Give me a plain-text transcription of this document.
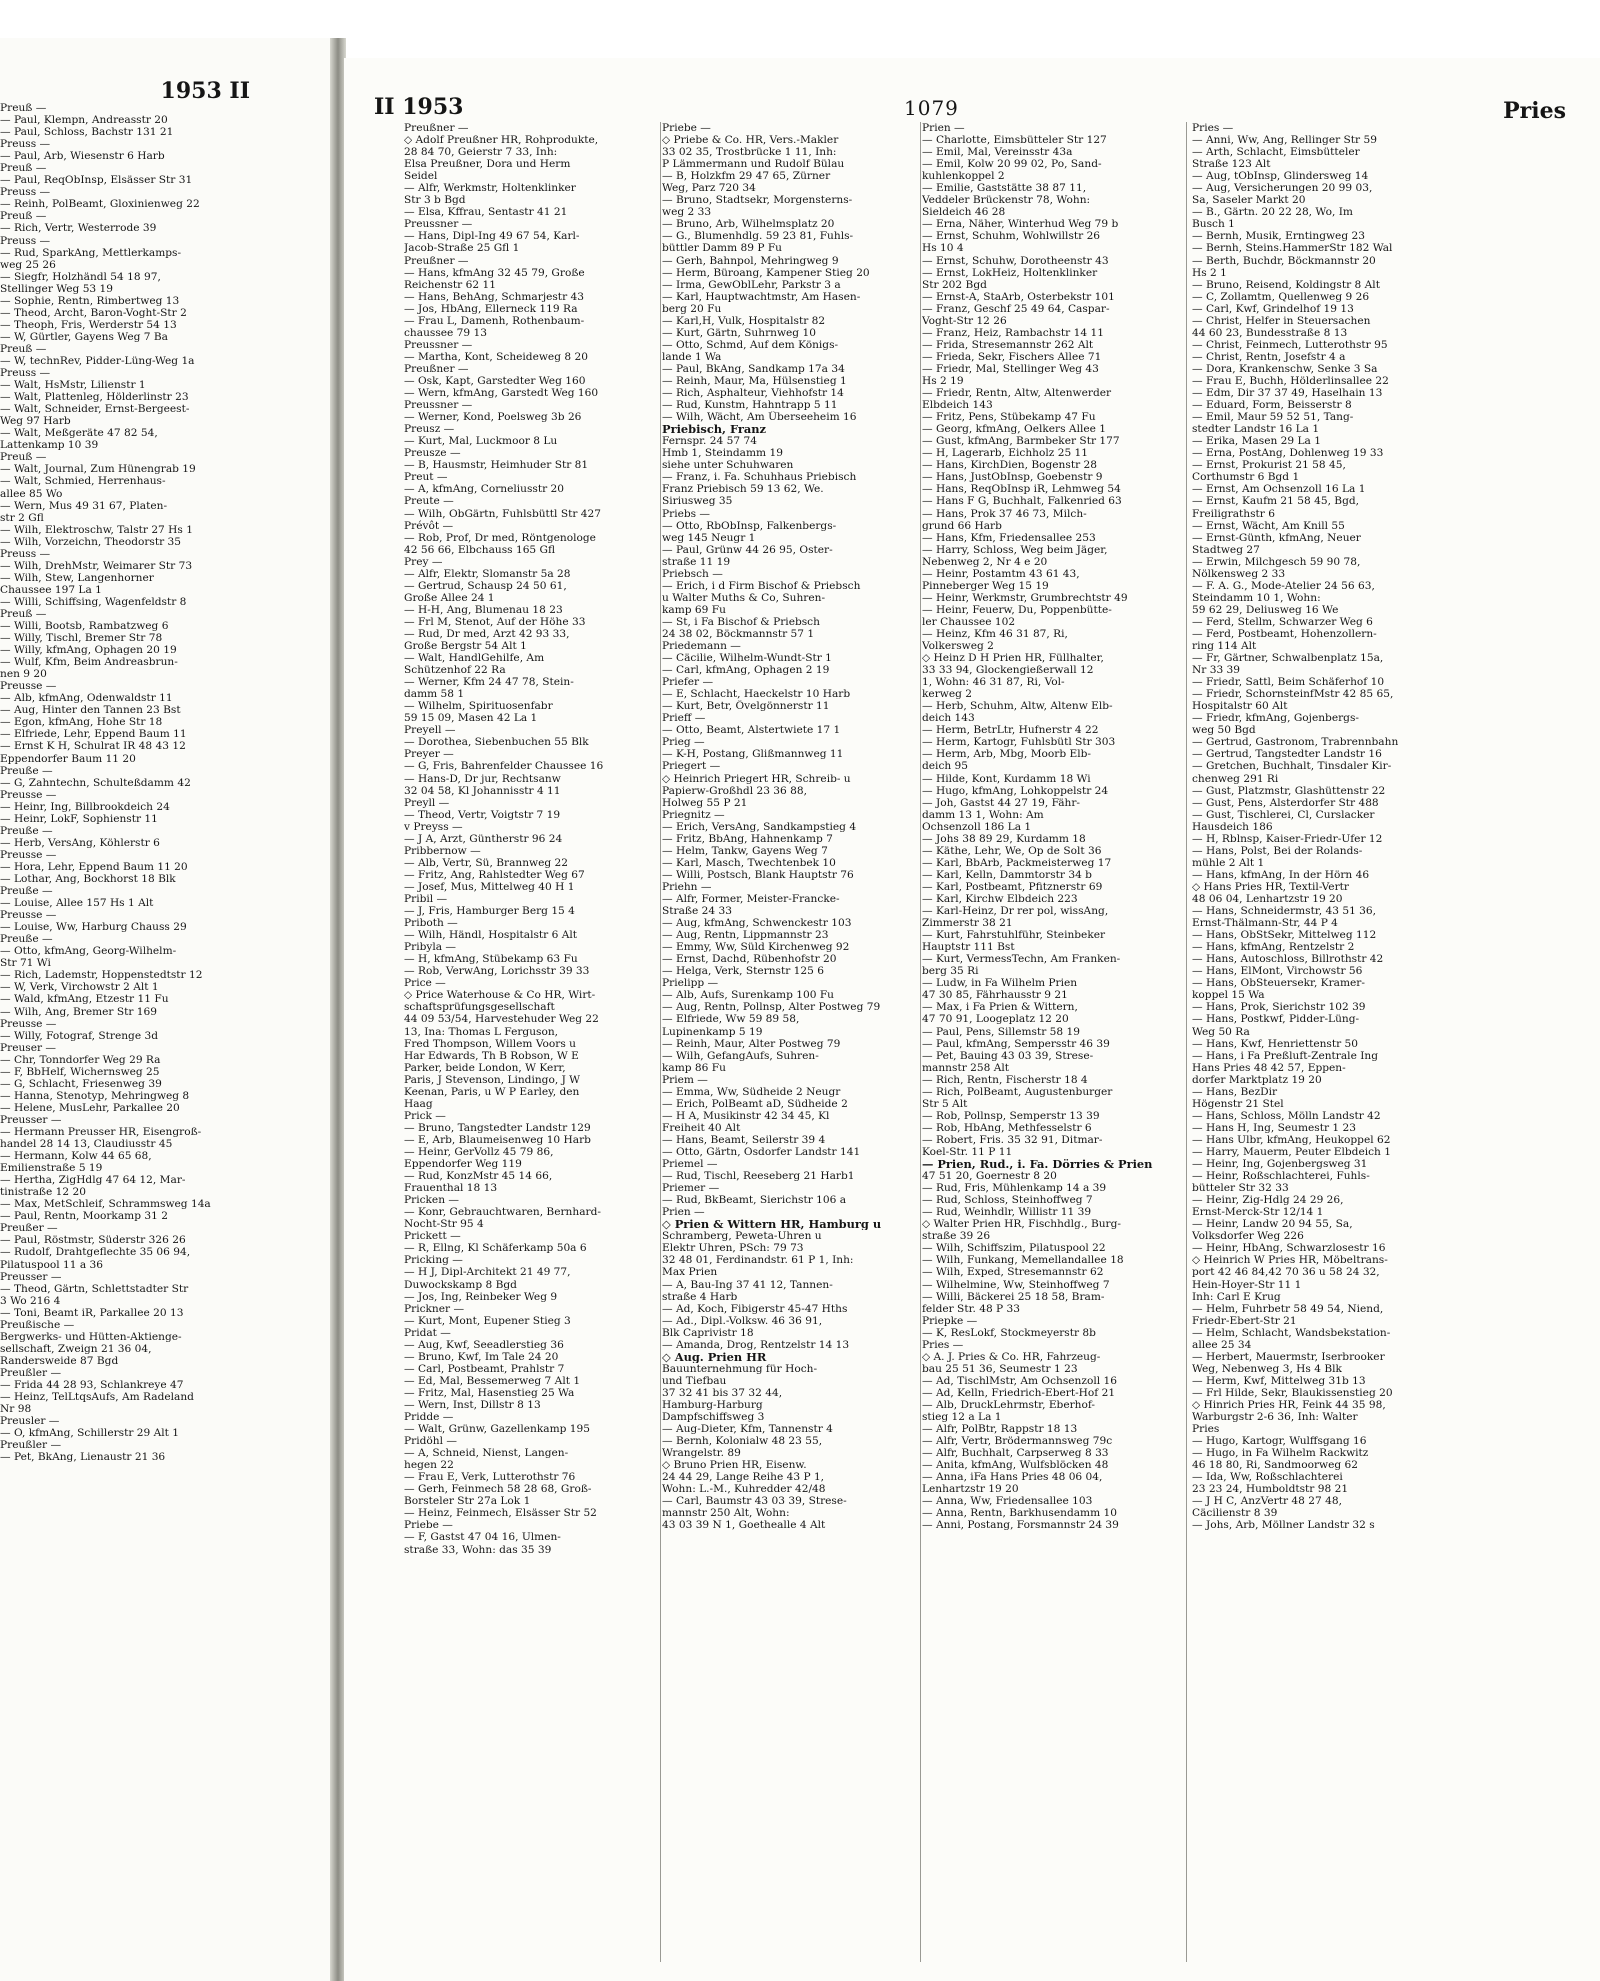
1953 II
Preuß —
— Paul, Klempn, Andreasstr 20
— Paul, Schloss, Bachstr 131 21
Preuss —
— Paul, Arb, Wiesenstr 6 Harb
Preuß —
— Paul, ReqObInsp, Elsässer Str 31
Preuss —
— Reinh, PolBeamt, Gloxinienweg 22
Preuß —
— Rich, Vertr, Westerrode 39
Preuss —
— Rud, SparkAng, Mettlerkamps-
weg 25 26
— Siegfr, Holzhändl 54 18 97,
Stellinger Weg 53 19
— Sophie, Rentn, Rimbertweg 13
— Theod, Archt, Baron-Voght-Str 2
— Theoph, Fris, Werderstr 54 13
— W, Gürtler, Gayens Weg 7 Ba
Preuß —
— W, technRev, Pidder-Lüng-Weg 1a
Preuss —
— Walt, HsMstr, Lilienstr 1
— Walt, Plattenleg, Hölderlinstr 23
— Walt, Schneider, Ernst-Bergeest-
Weg 97 Harb
— Walt, Meßgeräte 47 82 54,
Lattenkamp 10 39
Preuß —
— Walt, Journal, Zum Hünengrab 19
— Walt, Schmied, Herrenhaus-
allee 85 Wo
— Wern, Mus 49 31 67, Platen-
str 2 Gfl
— Wilh, Elektroschw, Talstr 27 Hs 1
— Wilh, Vorzeichn, Theodorstr 35
Preuss —
— Wilh, DrehMstr, Weimarer Str 73
— Wilh, Stew, Langenhorner
Chaussee 197 La 1
— Willi, Schiffsing, Wagenfeldstr 8
Preuß —
— Willi, Bootsb, Rambatzweg 6
— Willy, Tischl, Bremer Str 78
— Willy, kfmAng, Ophagen 20 19
— Wulf, Kfm, Beim Andreasbrun-
nen 9 20
Preusse —
— Alb, kfmAng, Odenwaldstr 11
— Aug, Hinter den Tannen 23 Bst
— Egon, kfmAng, Hohe Str 18
— Elfriede, Lehr, Eppend Baum 11
— Ernst K H, Schulrat IR 48 43 12
Eppendorfer Baum 11 20
Preuße —
— G, Zahntechn, Schulteßdamm 42
Preusse —
— Heinr, Ing, Billbrookdeich 24
— Heinr, LokF, Sophienstr 11
Preuße —
— Herb, VersAng, Köhlerstr 6
Preusse —
— Hora, Lehr, Eppend Baum 11 20
— Lothar, Ang, Bockhorst 18 Blk
Preuße —
— Louise, Allee 157 Hs 1 Alt
Preusse —
— Louise, Ww, Harburg Chauss 29
Preuße —
— Otto, kfmAng, Georg-Wilhelm-
Str 71 Wi
— Rich, Lademstr, Hoppenstedtstr 12
— W, Verk, Virchowstr 2 Alt 1
— Wald, kfmAng, Etzestr 11 Fu
— Wilh, Ang, Bremer Str 169
Preusse —
— Willy, Fotograf, Strenge 3d
Preuser —
— Chr, Tonndorfer Weg 29 Ra
— F, BbHelf, Wichernsweg 25
— G, Schlacht, Friesenweg 39
— Hanna, Stenotyp, Mehringweg 8
— Helene, MusLehr, Parkallee 20
Preusser —
— Hermann Preusser HR, Eisengroß-
handel 28 14 13, Claudiusstr 45
— Hermann, Kolw 44 65 68,
Emilienstraße 5 19
— Hertha, ZigHdlg 47 64 12, Mar-
tinistraße 12 20
— Max, MetSchleif, Schrammsweg 14a
— Paul, Rentn, Moorkamp 31 2
Preußer —
— Paul, Röstmstr, Süderstr 326 26
— Rudolf, Drahtgeflechte 35 06 94,
Pilatuspool 11 a 36
Preusser —
— Theod, Gärtn, Schlettstadter Str
3 Wo 216 4
— Toni, Beamt iR, Parkallee 20 13
Preußische —
Bergwerks- und Hütten-Aktienge-
sellschaft, Zweign 21 36 04,
Randersweide 87 Bgd
Preußler —
— Frida 44 28 93, Schlankreye 47
— Heinz, TelLtqsAufs, Am Radeland
Nr 98
Preusler —
— O, kfmAng, Schillerstr 29 Alt 1
Preußler —
— Pet, BkAng, Lienaustr 21 36
II 1953	1079	Pries
Preußner —
◇ Adolf Preußner HR, Rohprodukte,
28 84 70, Geierstr 7 33, Inh:
Elsa Preußner, Dora und Herm
Seidel
— Alfr, Werkmstr, Holtenklinker
Str 3 b Bgd
— Elsa, Kffrau, Sentastr 41 21
Preussner —
— Hans, Dipl-Ing 49 67 54, Karl-
Jacob-Straße 25 Gfl 1
Preußner —
— Hans, kfmAng 32 45 79, Große
Reichenstr 62 11
— Hans, BehAng, Schmarjestr 43
— Jos, HbAng, Ellerneck 119 Ra
— Frau L, Damenh, Rothenbaum-
chaussee 79 13
Preussner —
— Martha, Kont, Scheideweg 8 20
Preußner —
— Osk, Kapt, Garstedter Weg 160
— Wern, kfmAng, Garstedt Weg 160
Preussner —
— Werner, Kond, Poelsweg 3b 26
Preusz —
— Kurt, Mal, Luckmoor 8 Lu
Preusze —
— B, Hausmstr, Heimhuder Str 81
Preut —
— A, kfmAng, Corneliusstr 20
Preute —
— Wilh, ObGärtn, Fuhlsbüttl Str 427
Prévôt —
— Rob, Prof, Dr med, Röntgenologe
42 56 66, Elbchauss 165 Gfl
Prey —
— Alfr, Elektr, Slomanstr 5a 28
— Gertrud, Schausp 24 50 61,
Große Allee 24 1
— H-H, Ang, Blumenau 18 23
— Frl M, Stenot, Auf der Höhe 33
— Rud, Dr med, Arzt 42 93 33,
Große Bergstr 54 Alt 1
— Walt, HandlGehilfe, Am
Schützenhof 22 Ra
— Werner, Kfm 24 47 78, Stein-
damm 58 1
— Wilhelm, Spirituosenfabr
59 15 09, Masen 42 La 1
Preyell —
— Dorothea, Siebenbuchen 55 Blk
Preyer —
— G, Fris, Bahrenfelder Chaussee 16
— Hans-D, Dr jur, Rechtsanw
32 04 58, Kl Johannisstr 4 11
Preyll —
— Theod, Vertr, Voigtstr 7 19
v Preyss —
— J A, Arzt, Güntherstr 96 24
Pribbernow —
— Alb, Vertr, Sü, Brannweg 22
— Fritz, Ang, Rahlstedter Weg 67
— Josef, Mus, Mittelweg 40 H 1
Pribil —
— J, Fris, Hamburger Berg 15 4
Priboth —
— Wilh, Händl, Hospitalstr 6 Alt
Pribyla —
— H, kfmAng, Stübekamp 63 Fu
— Rob, VerwAng, Lorichsstr 39 33
Price —
◇ Price Waterhouse & Co HR, Wirt-
schaftsprüfungsgesellschaft
44 09 53/54, Harvestehuder Weg 22
13, Ina: Thomas L Ferguson,
Fred Thompson, Willem Voors u
Har Edwards, Th B Robson, W E
Parker, beide London, W Kerr,
Paris, J Stevenson, Lindingo, J W
Keenan, Paris, u W P Earley, den
Haag
Prick —
— Bruno, Tangstedter Landstr 129
— E, Arb, Blaumeisenweg 10 Harb
— Heinr, GerVollz 45 79 86,
Eppendorfer Weg 119
— Rud, KonzMstr 45 14 66,
Frauenthal 18 13
Pricken —
— Konr, Gebrauchtwaren, Bernhard-
Nocht-Str 95 4
Prickett —
— R, Ellng, Kl Schäferkamp 50a 6
Pricking —
— H J, Dipl-Architekt 21 49 77,
Duwockskamp 8 Bgd
— Jos, Ing, Reinbeker Weg 9
Prickner —
— Kurt, Mont, Eupener Stieg 3
Pridat —
— Aug, Kwf, Seeadlerstieg 36
— Bruno, Kwf, Im Tale 24 20
— Carl, Postbeamt, Prahlstr 7
— Ed, Mal, Bessemerweg 7 Alt 1
— Fritz, Mal, Hasenstieg 25 Wa
— Wern, Inst, Dillstr 8 13
Pridde —
— Walt, Grünw, Gazellenkamp 195
Pridöhl —
— A, Schneid, Nienst, Langen-
hegen 22
— Frau E, Verk, Lutterothstr 76
— Gerh, Feinmech 58 28 68, Groß-
Borsteler Str 27a Lok 1
— Heinz, Feinmech, Elsässer Str 52
Priebe —
— F, Gastst 47 04 16, Ulmen-
straße 33, Wohn: das 35 39
Priebe —
◇ Priebe & Co. HR, Vers.-Makler
33 02 35, Trostbrücke 1 11, Inh:
P Lämmermann und Rudolf Bülau
— B, Holzkfm 29 47 65, Zürner
Weg, Parz 720 34
— Bruno, Stadtsekr, Morgensterns-
weg 2 33
— Bruno, Arb, Wilhelmsplatz 20
— G., Blumenhdlg. 59 23 81, Fuhls-
büttler Damm 89 P Fu
— Gerh, Bahnpol, Mehringweg 9
— Herm, Büroang, Kampener Stieg 20
— Irma, GewOblLehr, Parkstr 3 a
— Karl, Hauptwachtmstr, Am Hasen-
berg 20 Fu
— Karl,H, Vulk, Hospitalstr 82
— Kurt, Gärtn, Suhrnweg 10
— Otto, Schmd, Auf dem Königs-
lande 1 Wa
— Paul, BkAng, Sandkamp 17a 34
— Reinh, Maur, Ma, Hülsenstieg 1
— Rich, Asphalteur, Viehhofstr 14
— Rud, Kunstm, Hahntrapp 5 11
— Wilh, Wächt, Am Überseeheim 16
Priebisch, Franz
Fernspr. 24 57 74
Hmb 1, Steindamm 19
siehe unter Schuhwaren
— Franz, i. Fa. Schuhhaus Priebisch
Franz Priebisch 59 13 62, We.
Siriusweg 35
Priebs —
— Otto, RbObInsp, Falkenbergs-
weg 145 Neugr 1
— Paul, Grünw 44 26 95, Oster-
straße 11 19
Priebsch —
— Erich, i d Firm Bischof & Priebsch
u Walter Muths & Co, Suhren-
kamp 69 Fu
— St, i Fa Bischof & Priebsch
24 38 02, Böckmannstr 57 1
Priedemann —
— Cäcilie, Wilhelm-Wundt-Str 1
— Carl, kfmAng, Ophagen 2 19
Priefer —
— E, Schlacht, Haeckelstr 10 Harb
— Kurt, Betr, Övelgönnerstr 11
Prieff —
— Otto, Beamt, Alstertwiete 17 1
Prieg —
— K-H, Postang, Glißmannweg 11
Priegert —
◇ Heinrich Priegert HR, Schreib- u
Papierw-Großhdl 23 36 88,
Holweg 55 P 21
Priegnitz —
— Erich, VersAng, Sandkampstieg 4
— Fritz, BbAng, Hahnenkamp 7
— Helm, Tankw, Gayens Weg 7
— Karl, Masch, Twechtenbek 10
— Willi, Postsch, Blank Hauptstr 76
Priehn —
— Alfr, Former, Meister-Francke-
Straße 24 33
— Aug, kfmAng, Schwenckestr 103
— Aug, Rentn, Lippmannstr 23
— Emmy, Ww, Süld Kirchenweg 92
— Ernst, Dachd, Rübenhofstr 20
— Helga, Verk, Sternstr 125 6
Prielipp —
— Alb, Aufs, Surenkamp 100 Fu
— Aug, Rentn, Pollnsp, Alter Postweg 79
— Elfriede, Ww 59 89 58,
Lupinenkamp 5 19
— Reinh, Maur, Alter Postweg 79
— Wilh, GefangAufs, Suhren-
kamp 86 Fu
Priem —
— Emma, Ww, Südheide 2 Neugr
— Erich, PolBeamt aD, Südheide 2
— H A, Musikinstr 42 34 45, Kl
Freiheit 40 Alt
— Hans, Beamt, Seilerstr 39 4
— Otto, Gärtn, Osdorfer Landstr 141
Priemel —
— Rud, Tischl, Reeseberg 21 Harb1
Priemer —
— Rud, BkBeamt, Sierichstr 106 a
Prien —
◇ Prien & Wittern HR, Hamburg u
Schramberg, Peweta-Uhren u
Elektr Uhren, PSch: 79 73
32 48 01, Ferdinandstr. 61 P 1, Inh:
Max Prien
— A, Bau-Ing 37 41 12, Tannen-
straße 4 Harb
— Ad, Koch, Fibigerstr 45-47 Hths
— Ad., Dipl.-Volksw. 46 36 91,
Blk Caprivistr 18
— Amanda, Drog, Rentzelstr 14 13
◇ Aug. Prien HR
Bauunternehmung für Hoch-
und Tiefbau
37 32 41 bis 37 32 44,
Hamburg-Harburg
Dampfschiffsweg 3
— Aug-Dieter, Kfm, Tannenstr 4
— Bernh, Kolonialw 48 23 55,
Wrangelstr. 89
◇ Bruno Prien HR, Eisenw.
24 44 29, Lange Reihe 43 P 1,
Wohn: L.-M., Kuhredder 42/48
— Carl, Baumstr 43 03 39, Strese-
mannstr 250 Alt, Wohn:
43 03 39 N 1, Goethealle 4 Alt
Prien —
— Charlotte, Eimsbütteler Str 127
— Emil, Mal, Vereinsstr 43a
— Emil, Kolw 20 99 02, Po, Sand-
kuhlenkoppel 2
— Emilie, Gaststätte 38 87 11,
Veddeler Brückenstr 78, Wohn:
Sieldeich 46 28
— Erna, Näher, Winterhud Weg 79 b
— Ernst, Schuhm, Wohlwillstr 26
Hs 10 4
— Ernst, Schuhw, Dorotheenstr 43
— Ernst, LokHeiz, Holtenklinker
Str 202 Bgd
— Ernst-A, StaArb, Osterbekstr 101
— Franz, Geschf 25 49 64, Caspar-
Voght-Str 12 26
— Franz, Heiz, Rambachstr 14 11
— Frida, Stresemannstr 262 Alt
— Frieda, Sekr, Fischers Allee 71
— Friedr, Mal, Stellinger Weg 43
Hs 2 19
— Friedr, Rentn, Altw, Altenwerder
Elbdeich 143
— Fritz, Pens, Stübekamp 47 Fu
— Georg, kfmAng, Oelkers Allee 1
— Gust, kfmAng, Barmbeker Str 177
— H, Lagerarb, Eichholz 25 11
— Hans, KirchDien, Bogenstr 28
— Hans, JustObInsp, Goebenstr 9
— Hans, ReqObInsp iR, Lehmweg 54
— Hans F G, Buchhalt, Falkenried 63
— Hans, Prok 37 46 73, Milch-
grund 66 Harb
— Hans, Kfm, Friedensallee 253
— Harry, Schloss, Weg beim Jäger,
Nebenweg 2, Nr 4 e 20
— Heinr, Postamtm 43 61 43,
Pinneberger Weg 15 19
— Heinr, Werkmstr, Grumbrechtstr 49
— Heinr, Feuerw, Du, Poppenbütte-
ler Chaussee 102
— Heinz, Kfm 46 31 87, Ri,
Volkersweg 2
◇ Heinz D H Prien HR, Füllhalter,
33 33 94, Glockengießerwall 12
1, Wohn: 46 31 87, Ri, Vol-
kerweg 2
— Herb, Schuhm, Altw, Altenw Elb-
deich 143
— Herm, BetrLtr, Hufnerstr 4 22
— Herm, Kartogr, Fuhlsbütl Str 303
— Herm, Arb, Mbg, Moorb Elb-
deich 95
— Hilde, Kont, Kurdamm 18 Wi
— Hugo, kfmAng, Lohkoppelstr 24
— Joh, Gastst 44 27 19, Fähr-
damm 13 1, Wohn: Am
Ochsenzoll 186 La 1
— Johs 38 89 29, Kurdamm 18
— Käthe, Lehr, We, Op de Solt 36
— Karl, BbArb, Packmeisterweg 17
— Karl, Kelln, Dammtorstr 34 b
— Karl, Postbeamt, Pfitznerstr 69
— Karl, Kirchw Elbdeich 223
— Karl-Heinz, Dr rer pol, wissAng,
Zimmerstr 38 21
— Kurt, Fahrstuhlführ, Steinbeker
Hauptstr 111 Bst
— Kurt, VermessTechn, Am Franken-
berg 35 Ri
— Ludw, in Fa Wilhelm Prien
47 30 85, Fährhausstr 9 21
— Max, i Fa Prien & Wittern,
47 70 91, Loogeplatz 12 20
— Paul, Pens, Sillemstr 58 19
— Paul, kfmAng, Sempersstr 46 39
— Pet, Bauing 43 03 39, Strese-
mannstr 258 Alt
— Rich, Rentn, Fischerstr 18 4
— Rich, PolBeamt, Augustenburger
Str 5 Alt
— Rob, Pollnsp, Semperstr 13 39
— Rob, HbAng, Methfesselstr 6
— Robert, Fris. 35 32 91, Ditmar-
Koel-Str. 11 P 11
— Prien, Rud., i. Fa. Dörries & Prien
47 51 20, Goernestr 8 20
— Rud, Fris, Mühlenkamp 14 a 39
— Rud, Schloss, Steinhoffweg 7
— Rud, Weinhdlr, Willistr 11 39
◇ Walter Prien HR, Fischhdlg., Burg-
straße 39 26
— Wilh, Schiffszim, Pilatuspool 22
— Wilh, Funkang, Memellandallee 18
— Wilh, Exped, Stresemannstr 62
— Wilhelmine, Ww, Steinhoffweg 7
— Willi, Bäckerei 25 18 58, Bram-
felder Str. 48 P 33
Priepke —
— K, ResLokf, Stockmeyerstr 8b
Pries —
◇ A. J. Pries & Co. HR, Fahrzeug-
bau 25 51 36, Seumestr 1 23
— Ad, TischlMstr, Am Ochsenzoll 16
— Ad, Kelln, Friedrich-Ebert-Hof 21
— Alb, DruckLehrmstr, Eberhof-
stieg 12 a La 1
— Alfr, PolBtr, Rappstr 18 13
— Alfr, Vertr, Brödermannsweg 79c
— Alfr, Buchhalt, Carpserweg 8 33
— Anita, kfmAng, Wulfsblöcken 48
— Anna, iFa Hans Pries 48 06 04,
Lenhartzstr 19 20
— Anna, Ww, Friedensallee 103
— Anna, Rentn, Barkhusendamm 10
— Anni, Postang, Forsmannstr 24 39
Pries —
— Anni, Ww, Ang, Rellinger Str 59
— Arth, Schlacht, Eimsbütteler
Straße 123 Alt
— Aug, tObInsp, Glindersweg 14
— Aug, Versicherungen 20 99 03,
Sa, Saseler Markt 20
— B., Gärtn. 20 22 28, Wo, Im
Busch 1
— Bernh, Musik, Erntingweg 23
— Bernh, Steins.HammerStr 182 Wal
— Berth, Buchdr, Böckmannstr 20
Hs 2 1
— Bruno, Reisend, Koldingstr 8 Alt
— C, Zollamtm, Quellenweg 9 26
— Carl, Kwf, Grindelhof 19 13
— Christ, Helfer in Steuersachen
44 60 23, Bundesstraße 8 13
— Christ, Feinmech, Lutterothstr 95
— Christ, Rentn, Josefstr 4 a
— Dora, Krankenschw, Senke 3 Sa
— Frau E, Buchh, Hölderlinsallee 22
— Edm, Dir 37 37 49, Haselhain 13
— Eduard, Form, Beisserstr 8
— Emil, Maur 59 52 51, Tang-
stedter Landstr 16 La 1
— Erika, Masen 29 La 1
— Erna, PostAng, Dohlenweg 19 33
— Ernst, Prokurist 21 58 45,
Corthumstr 6 Bgd 1
— Ernst, Am Ochsenzoll 16 La 1
— Ernst, Kaufm 21 58 45, Bgd,
Freiligrathstr 6
— Ernst, Wächt, Am Knill 55
— Ernst-Günth, kfmAng, Neuer
Stadtweg 27
— Erwin, Milchgesch 59 90 78,
Nölkensweg 2 33
— F. A. G., Mode-Atelier 24 56 63,
Steindamm 10 1, Wohn:
59 62 29, Deliusweg 16 We
— Ferd, Stellm, Schwarzer Weg 6
— Ferd, Postbeamt, Hohenzollern-
ring 114 Alt
— Fr, Gärtner, Schwalbenplatz 15a,
Nr 33 39
— Friedr, Sattl, Beim Schäferhof 10
— Friedr, SchornsteinfMstr 42 85 65,
Hospitalstr 60 Alt
— Friedr, kfmAng, Gojenbergs-
weg 50 Bgd
— Gertrud, Gastronom, Trabrennbahn
— Gertrud, Tangstedter Landstr 16
— Gretchen, Buchhalt, Tinsdaler Kir-
chenweg 291 Ri
— Gust, Platzmstr, Glashüttenstr 22
— Gust, Pens, Alsterdorfer Str 488
— Gust, Tischlerei, Cl, Curslacker
Hausdeich 186
— H, Rblnsp, Kaiser-Friedr-Ufer 12
— Hans, Polst, Bei der Rolands-
mühle 2 Alt 1
— Hans, kfmAng, In der Hörn 46
◇ Hans Pries HR, Textil-Vertr
48 06 04, Lenhartzstr 19 20
— Hans, Schneidermstr, 43 51 36,
Ernst-Thälmann-Str, 44 P 4
— Hans, ObStSekr, Mittelweg 112
— Hans, kfmAng, Rentzelstr 2
— Hans, Autoschloss, Billrothstr 42
— Hans, ElMont, Virchowstr 56
— Hans, ObSteuersekr, Kramer-
koppel 15 Wa
— Hans, Prok, Sierichstr 102 39
— Hans, Postkwf, Pidder-Lüng-
Weg 50 Ra
— Hans, Kwf, Henriettenstr 50
— Hans, i Fa Preßluft-Zentrale Ing
Hans Pries 48 42 57, Eppen-
dorfer Marktplatz 19 20
— Hans, BezDir
Högenstr 21 Stel
— Hans, Schloss, Mölln Landstr 42
— Hans H, Ing, Seumestr 1 23
— Hans Ulbr, kfmAng, Heukoppel 62
— Harry, Mauerm, Peuter Elbdeich 1
— Heinr, Ing, Gojenbergsweg 31
— Heinr, Roßschlachterei, Fuhls-
bütteler Str 32 33
— Heinr, Zig-Hdlg 24 29 26,
Ernst-Merck-Str 12/14 1
— Heinr, Landw 20 94 55, Sa,
Volksdorfer Weg 226
— Heinr, HbAng, Schwarzlosestr 16
◇ Heinrich W Pries HR, Möbeltrans-
port 42 46 84,42 70 36 u 58 24 32,
Hein-Hoyer-Str 11 1
Inh: Carl E Krug
— Helm, Fuhrbetr 58 49 54, Niend,
Friedr-Ebert-Str 21
— Helm, Schlacht, Wandsbekstation-
allee 25 34
— Herbert, Mauermstr, Iserbrooker
Weg, Nebenweg 3, Hs 4 Blk
— Herm, Kwf, Mittelweg 31b 13
— Frl Hilde, Sekr, Blaukissenstieg 20
◇ Hinrich Pries HR, Feink 44 35 98,
Warburgstr 2-6 36, Inh: Walter
Pries
— Hugo, Kartogr, Wulffsgang 16
— Hugo, in Fa Wilhelm Rackwitz
46 18 80, Ri, Sandmoorweg 62
— Ida, Ww, Roßschlachterei
23 23 24, Humboldtstr 98 21
— J H C, AnzVertr 48 27 48,
Cäcilienstr 8 39
— Johs, Arb, Möllner Landstr 32 s
